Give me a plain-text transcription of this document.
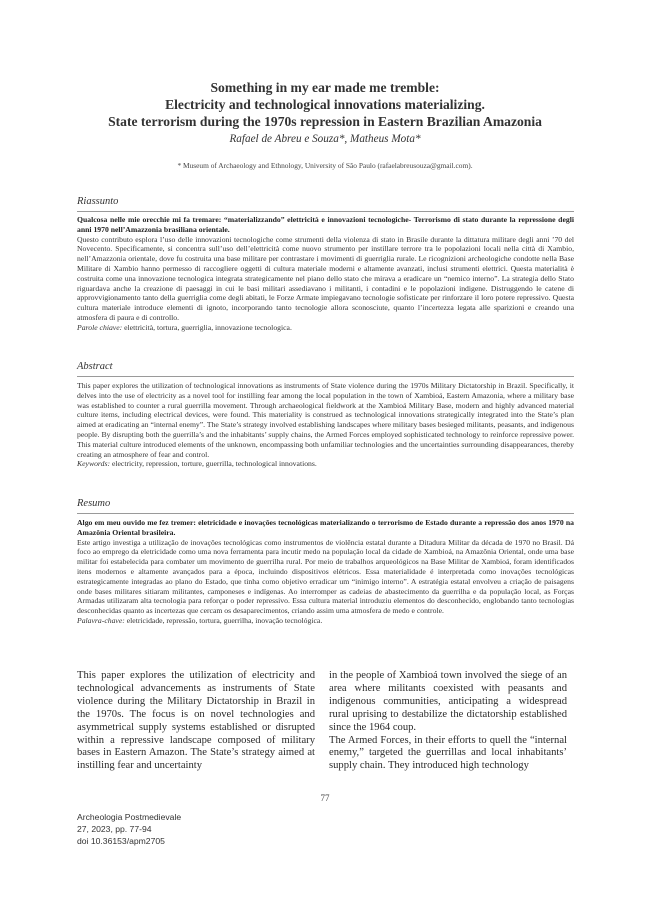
Something in my ear made me tremble:
Electricity and technological innovations materializing.
State terrorism during the 1970s repression in Eastern Brazilian Amazonia
Rafael de Abreu e Souza*, Matheus Mota*
* Museum of Archaeology and Ethnology, University of São Paulo (rafaelabreusouza@gmail.com).
Riassunto

Qualcosa nelle mie orecchie mi fa tremare: “materializzando” elettricità e innovazioni tecnologiche- Terrorismo di stato durante la repressione degli anni 1970 nell’Amazzonia brasiliana orientale.

Questo contributo esplora l’uso delle innovazioni tecnologiche come strumenti della violenza di stato in Brasile durante la dittatura militare degli anni ’70 del Novecento. Specificamente, si concentra sull’uso dell’elettricità come nuovo strumento per instillare terrore tra le popolazioni locali nella città di Xambio, nell’Amazzonia orientale, dove fu costruita una base militare per contrastare i movimenti di guerriglia rurale. Le ricognizioni archeologiche condotte nella Base Militare di Xambio hanno permesso di raccogliere oggetti di cultura materiale moderni e altamente avanzati, inclusi strumenti elettrici. Questa materialità è costruita come una innovazione tecnologica integrata strategicamente nel piano dello stato che mirava a eradicare un “nemico interno”. La strategia dello Stato riguardava anche la creazione di paesaggi in cui le basi militari assediavano i militanti, i contadini e le popolazioni indigene. Distruggendo le catene di approvvigionamento tanto della guerriglia come degli abitati, le Forze Armate impiegavano tecnologie sofisticate per rinforzare il loro potere repressivo. Questa cultura materiale introduce elementi di ignoto, incorporando tanto tecnologie allora sconosciute, quanto l’incertezza legata alle sparizioni e creando una atmosfera di paura e di controllo.

Parole chiave: elettricità, tortura, guerriglia, innovazione tecnologica.

Abstract

This paper explores the utilization of technological innovations as instruments of State violence during the 1970s Military Dictatorship in Brazil. Specifically, it delves into the use of electricity as a novel tool for instilling fear among the local population in the town of Xambioá, Eastern Amazonia, where a military base was established to counter a rural guerrilla movement. Through archaeological fieldwork at the Xambioá Military Base, modern and highly advanced material culture items, including electrical devices, were found. This materiality is construed as technological innovations strategically integrated into the State’s plan aimed at eradicating an “internal enemy”. The State’s strategy involved establishing landscapes where military bases besieged militants, peasants, and indigenous people. By disrupting both the guerrilla’s and the inhabitants’ supply chains, the Armed Forces employed sophisticated technology to reinforce repressive power. This material culture introduced elements of the unknown, encompassing both unfamiliar technologies and the uncertainties surrounding disappearances, thereby creating an atmosphere of fear and control.

Keywords: electricity, repression, torture, guerrilla, technological innovations.

Resumo

Algo em meu ouvido me fez tremer: eletricidade e inovações tecnológicas materializando o terrorismo de Estado durante a repressão dos anos 1970 na Amazônia Oriental brasileira.

Este artigo investiga a utilização de inovações tecnológicas como instrumentos de violência estatal durante a Ditadura Militar da década de 1970 no Brasil. Dá foco ao emprego da eletricidade como uma nova ferramenta para incutir medo na população local da cidade de Xambioá, na Amazônia Oriental, onde uma base militar foi estabelecida para combater um movimento de guerrilha rural. Por meio de trabalhos arqueológicos na Base Militar de Xambioá, foram identificados itens modernos e altamente avançados para a época, incluindo dispositivos elétricos. Essa materialidade é interpretada como inovações tecnológicas estrategicamente integradas ao plano do Estado, que tinha como objetivo erradicar um “inimigo interno”. A estratégia estatal envolveu a criação de paisagens onde bases militares sitiaram militantes, camponeses e indígenas. Ao interromper as cadeias de abastecimento da guerrilha e da população local, as Forças Armadas utilizaram alta tecnologia para reforçar o poder repressivo. Essa cultura material introduziu elementos do desconhecido, englobando tanto tecnologias desconhecidas quanto as incertezas que cercam os desaparecimentos, criando assim uma atmosfera de medo e controle.

Palavra-chave: eletricidade, repressão, tortura, guerrilha, inovação tecnológica.

This paper explores the utilization of electricity and technological advancements as instruments of State violence during the Military Dictatorship in Brazil in the 1970s. The focus is on novel technologies and asymmetrical supply systems established or disrupted within a repressive landscape composed of military bases in Eastern Amazon. The State’s strategy aimed at instilling fear and uncertainty

in the people of Xambioá town involved the siege of an area where militants coexisted with peasants and indigenous communities, anticipating a widespread rural uprising to destabilize the dictatorship established since the 1964 coup.

The Armed Forces, in their efforts to quell the “internal enemy,” targeted the guerrillas and local inhabitants’ supply chain. They introduced high technology

77
Archeologia Postmedievale
27, 2023, pp. 77-94
doi 10.36153/apm2705
